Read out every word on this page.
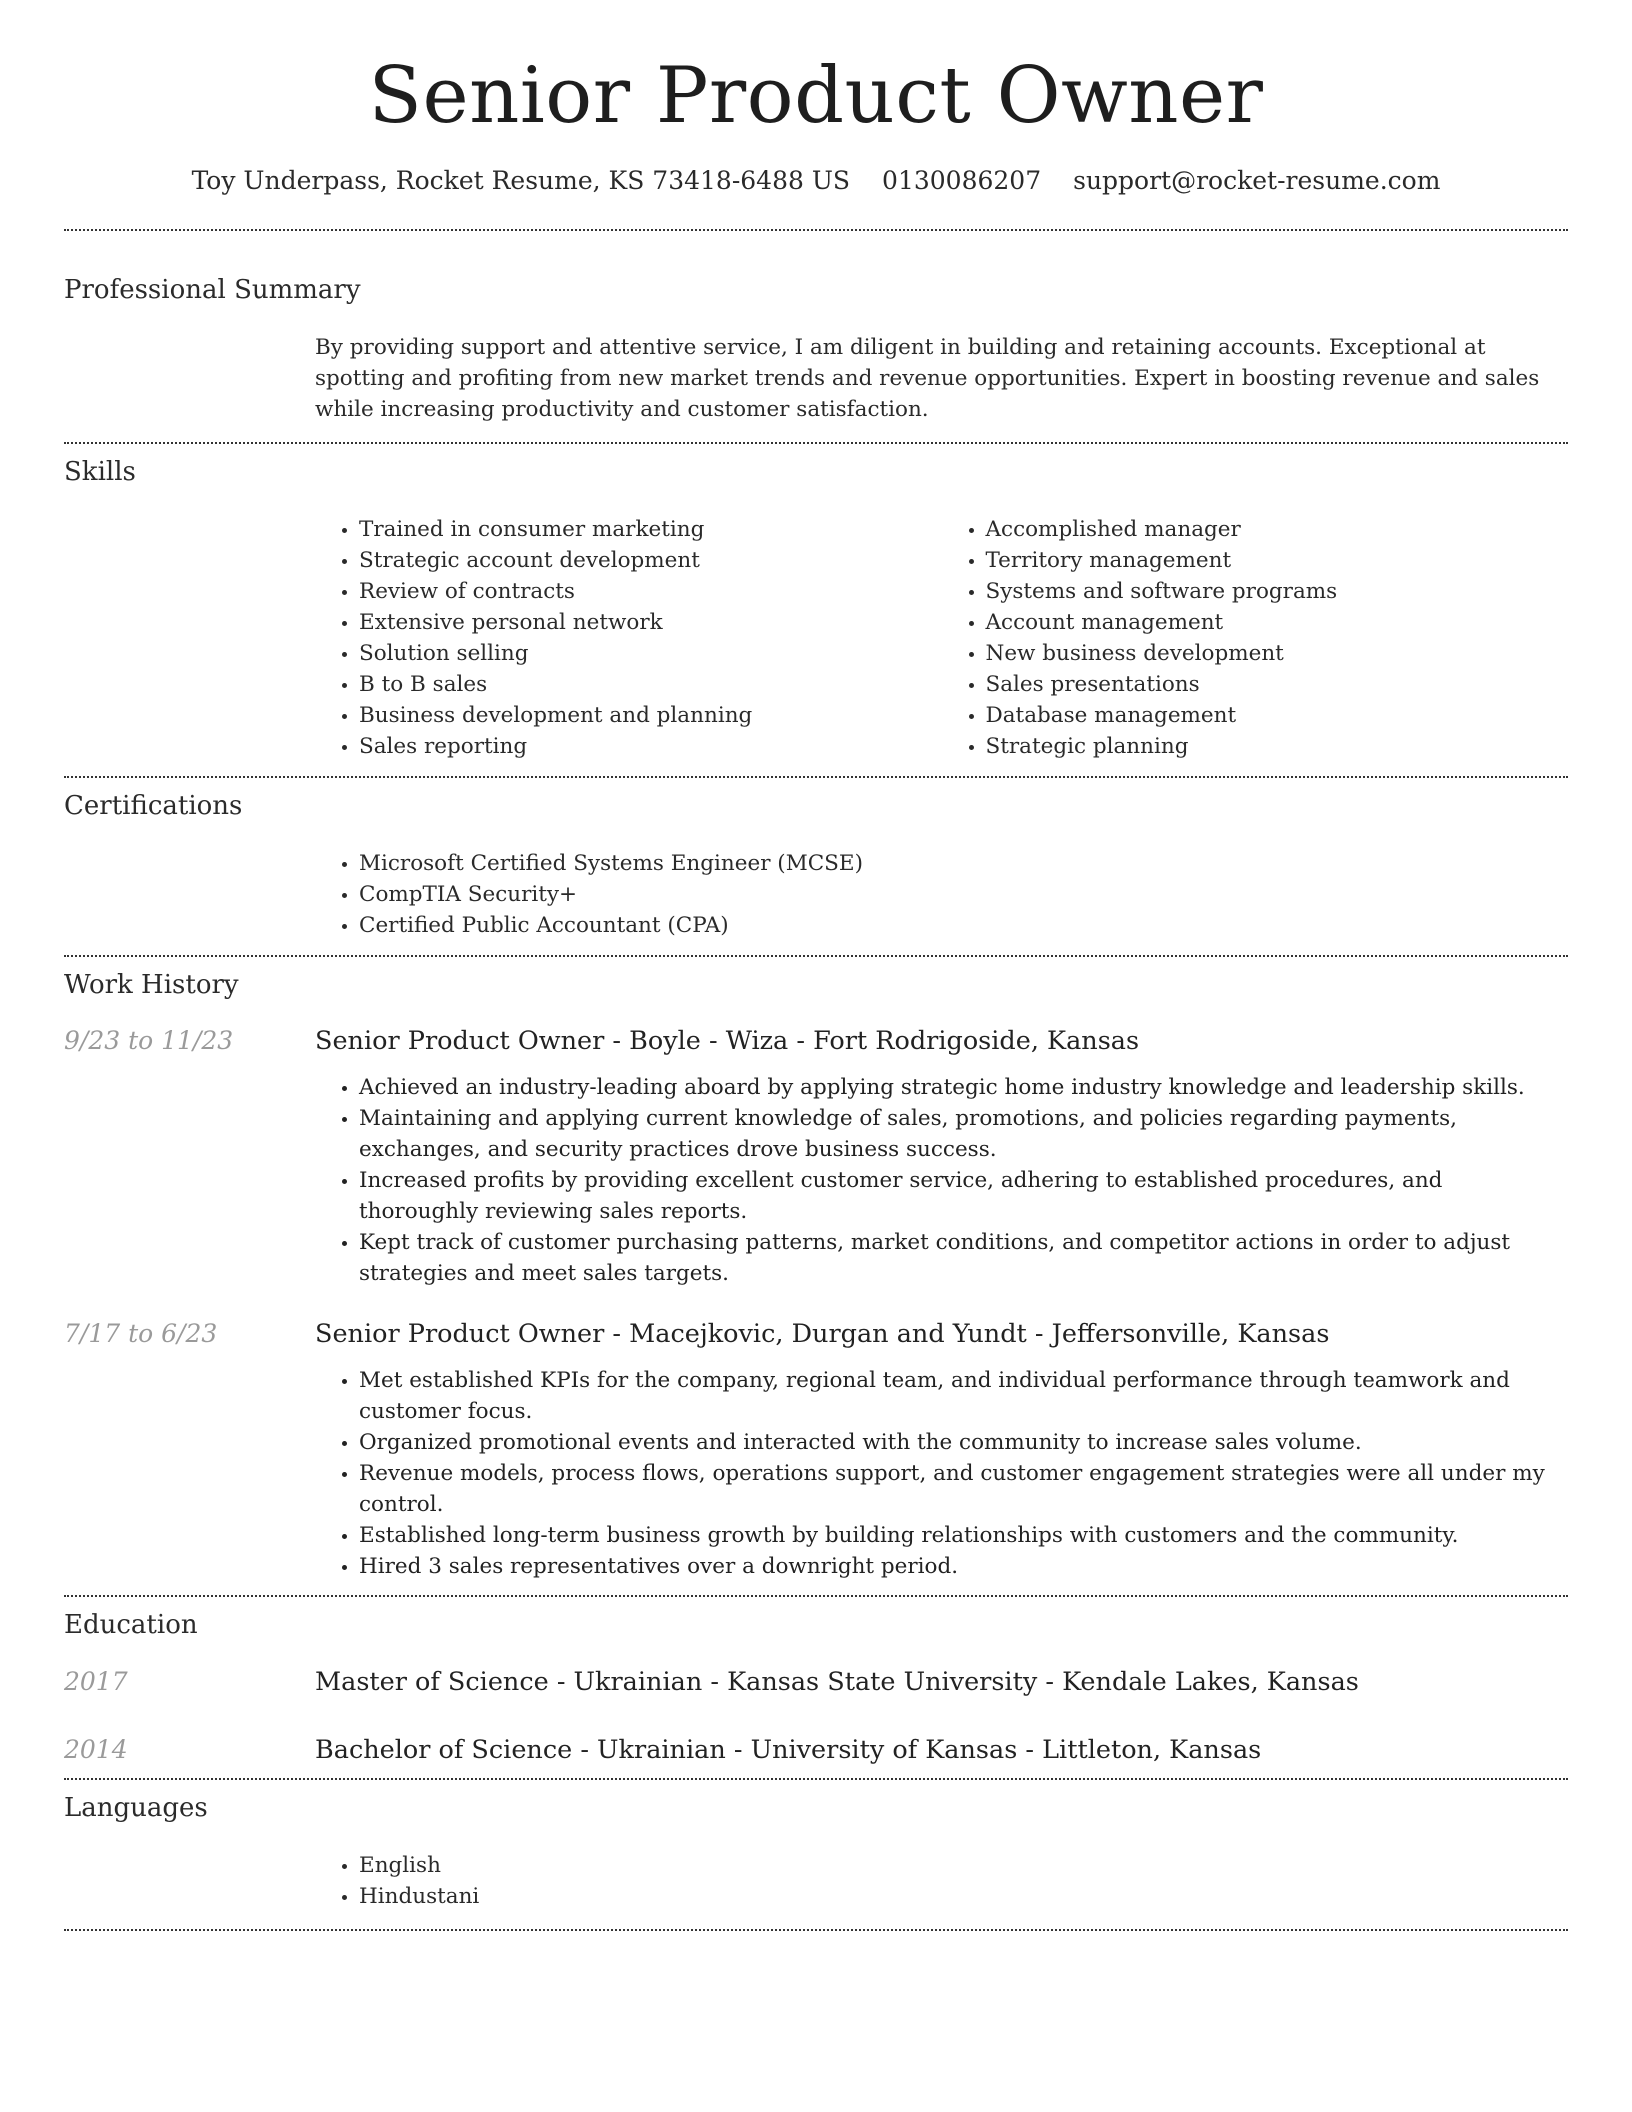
Senior Product Owner
Toy Underpass, Rocket Resume, KS 73418-6488 US 0130086207 support@rocket-resume.com
Professional Summary
By providing support and attentive service, I am diligent in building and retaining accounts. Exceptional at spotting and profiting from new market trends and revenue opportunities. Expert in boosting revenue and sales while increasing productivity and customer satisfaction.
Skills
• Trained in consumer marketing
• Strategic account development
• Review of contracts
• Extensive personal network
• Solution selling
• B to B sales
• Business development and planning
• Sales reporting
• Accomplished manager
• Territory management
• Systems and software programs
• Account management
• New business development
• Sales presentations
• Database management
• Strategic planning
Certifications
• Microsoft Certified Systems Engineer (MCSE)
• CompTIA Security+
• Certified Public Accountant (CPA)
Work History
9/23 to 11/23	Senior Product Owner - Boyle - Wiza - Fort Rodrigoside, Kansas
• Achieved an industry-leading aboard by applying strategic home industry knowledge and leadership skills.
• Maintaining and applying current knowledge of sales, promotions, and policies regarding payments, exchanges, and security practices drove business success.
• Increased profits by providing excellent customer service, adhering to established procedures, and thoroughly reviewing sales reports.
• Kept track of customer purchasing patterns, market conditions, and competitor actions in order to adjust strategies and meet sales targets.
7/17 to 6/23	Senior Product Owner - Macejkovic, Durgan and Yundt - Jeffersonville, Kansas
• Met established KPIs for the company, regional team, and individual performance through teamwork and customer focus.
• Organized promotional events and interacted with the community to increase sales volume.
• Revenue models, process flows, operations support, and customer engagement strategies were all under my control.
• Established long-term business growth by building relationships with customers and the community.
• Hired 3 sales representatives over a downright period.
Education
2017	Master of Science - Ukrainian - Kansas State University - Kendale Lakes, Kansas
2014	Bachelor of Science - Ukrainian - University of Kansas - Littleton, Kansas
Languages
• English
• Hindustani
